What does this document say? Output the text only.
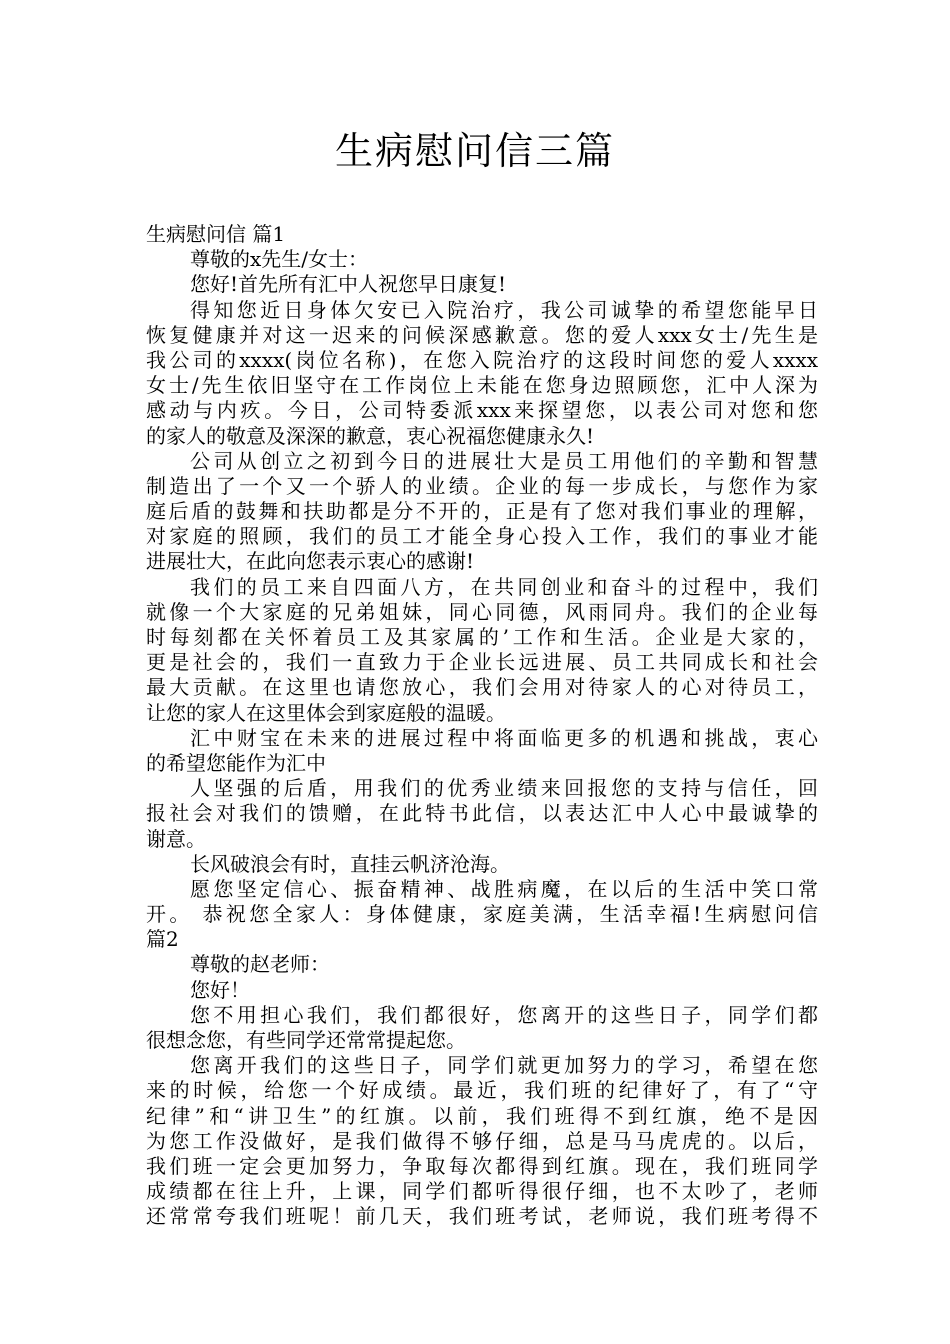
生病慰问信三篇
生病慰问信 篇1
尊敬的x先生/女士：
您好!首先所有汇中人祝您早日康复!
得知您近日身体欠安已入院治疗，我公司诚挚的希望您能早日
恢复健康并对这一迟来的问候深感歉意。您的爱人xxx女士/先生是
我公司的xxxx(岗位名称)，在您入院治疗的这段时间您的爱人xxxx
女士/先生依旧坚守在工作岗位上未能在您身边照顾您，汇中人深为
感动与内疚。今日，公司特委派xxx来探望您，以表公司对您和您
的家人的敬意及深深的歉意，衷心祝福您健康永久!
公司从创立之初到今日的进展壮大是员工用他们的辛勤和智慧
制造出了一个又一个骄人的业绩。企业的每一步成长，与您作为家
庭后盾的鼓舞和扶助都是分不开的，正是有了您对我们事业的理解，
对家庭的照顾，我们的员工才能全身心投入工作，我们的事业才能
进展壮大，在此向您表示衷心的感谢!
我们的员工来自四面八方，在共同创业和奋斗的过程中，我们
就像一个大家庭的兄弟姐妹，同心同德，风雨同舟。我们的企业每
时每刻都在关怀着员工及其家属的’工作和生活。企业是大家的，
更是社会的，我们一直致力于企业长远进展、员工共同成长和社会
最大贡献。在这里也请您放心，我们会用对待家人的心对待员工，
让您的家人在这里体会到家庭般的温暖。
汇中财宝在未来的进展过程中将面临更多的机遇和挑战，衷心
的希望您能作为汇中
人坚强的后盾，用我们的优秀业绩来回报您的支持与信任，回
报社会对我们的馈赠，在此特书此信，以表达汇中人心中最诚挚的
谢意。
长风破浪会有时，直挂云帆济沧海。
愿您坚定信心、振奋精神、战胜病魔，在以后的生活中笑口常
开。 恭祝您全家人：身体健康，家庭美满，生活幸福!生病慰问信
篇2
尊敬的赵老师：
您好！
您不用担心我们，我们都很好，您离开的这些日子，同学们都
很想念您，有些同学还常常提起您。
您离开我们的这些日子，同学们就更加努力的学习，希望在您
来的时候，给您一个好成绩。最近，我们班的纪律好了，有了“守
纪律”和“讲卫生”的红旗。以前，我们班得不到红旗，绝不是因
为您工作没做好，是我们做得不够仔细，总是马马虎虎的。以后，
我们班一定会更加努力，争取每次都得到红旗。现在，我们班同学
成绩都在往上升，上课，同学们都听得很仔细，也不太吵了，老师
还常常夸我们班呢！前几天，我们班考试，老师说，我们班考得不
